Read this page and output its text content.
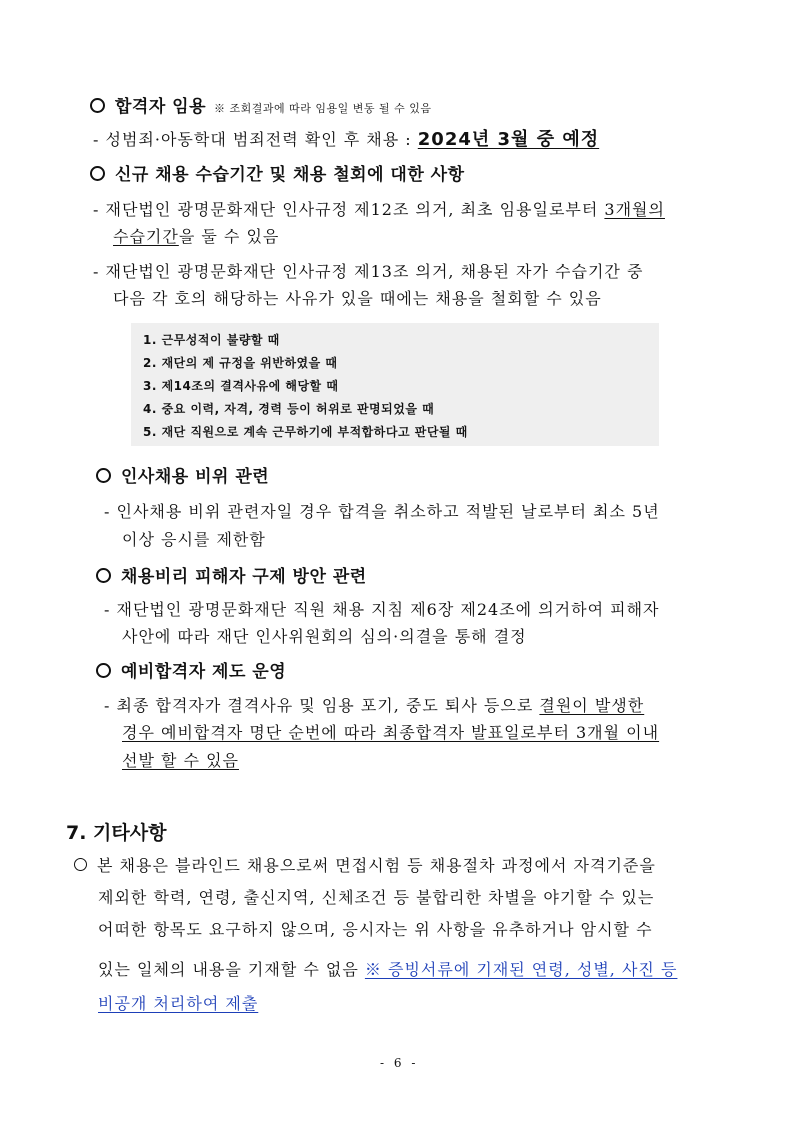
합격자 임용 ※ 조회결과에 따라 임용일 변동 될 수 있음
- 성범죄·아동학대 범죄전력 확인 후 채용 : 2024년 3월 중 예정
신규 채용 수습기간 및 채용 철회에 대한 사항
- 재단법인 광명문화재단 인사규정 제12조 의거, 최초 임용일로부터 3개월의
수습기간을 둘 수 있음
- 재단법인 광명문화재단 인사규정 제13조 의거, 채용된 자가 수습기간 중
다음 각 호의 해당하는 사유가 있을 때에는 채용을 철회할 수 있음
1. 근무성적이 불량할 때
2. 재단의 제 규정을 위반하였을 때
3. 제14조의 결격사유에 해당할 때
4. 중요 이력, 자격, 경력 등이 허위로 판명되었을 때
5. 재단 직원으로 계속 근무하기에 부적합하다고 판단될 때
인사채용 비위 관련
- 인사채용 비위 관련자일 경우 합격을 취소하고 적발된 날로부터 최소 5년
이상 응시를 제한함
채용비리 피해자 구제 방안 관련
- 재단법인 광명문화재단 직원 채용 지침 제6장 제24조에 의거하여 피해자
사안에 따라 재단 인사위원회의 심의·의결을 통해 결정
예비합격자 제도 운영
- 최종 합격자가 결격사유 및 임용 포기, 중도 퇴사 등으로 결원이 발생한
경우 예비합격자 명단 순번에 따라 최종합격자 발표일로부터 3개월 이내
선발 할 수 있음
7. 기타사항
본 채용은 블라인드 채용으로써 면접시험 등 채용절차 과정에서 자격기준을
제외한 학력, 연령, 출신지역, 신체조건 등 불합리한 차별을 야기할 수 있는
어떠한 항목도 요구하지 않으며, 응시자는 위 사항을 유추하거나 암시할 수
있는 일체의 내용을 기재할 수 없음 ※ 증빙서류에 기재된 연령, 성별, 사진 등
비공개 처리하여 제출
- 6 -
